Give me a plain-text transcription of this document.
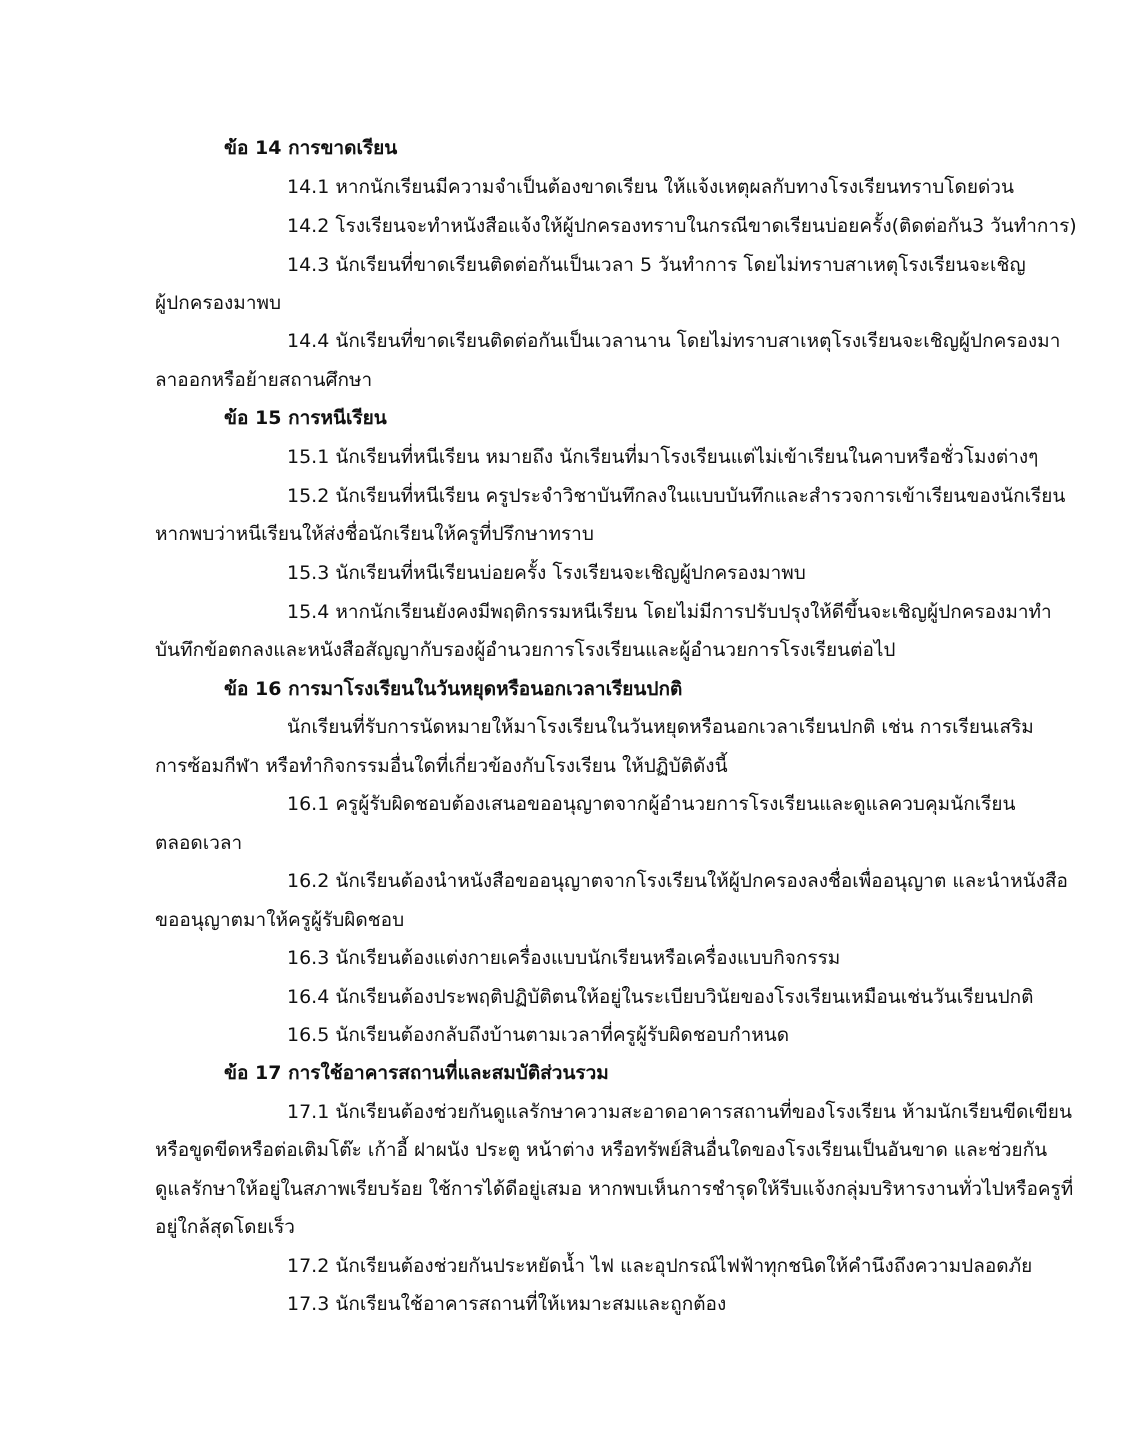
ข้อ 14 การขาดเรียน

14.1 หากนักเรียนมีความจำเป็นต้องขาดเรียน ให้แจ้งเหตุผลกับทางโรงเรียนทราบโดยด่วน

14.2 โรงเรียนจะทำหนังสือแจ้งให้ผู้ปกครองทราบในกรณีขาดเรียนบ่อยครั้ง(ติดต่อกัน3 วันทำการ)

14.3 นักเรียนที่ขาดเรียนติดต่อกันเป็นเวลา 5 วันทำการ โดยไม่ทราบสาเหตุโรงเรียนจะเชิญ

ผู้ปกครองมาพบ

14.4 นักเรียนที่ขาดเรียนติดต่อกันเป็นเวลานาน โดยไม่ทราบสาเหตุโรงเรียนจะเชิญผู้ปกครองมา

ลาออกหรือย้ายสถานศึกษา

ข้อ 15 การหนีเรียน

15.1 นักเรียนที่หนีเรียน หมายถึง นักเรียนที่มาโรงเรียนแต่ไม่เข้าเรียนในคาบหรือชั่วโมงต่างๆ

15.2 นักเรียนที่หนีเรียน ครูประจำวิชาบันทึกลงในแบบบันทึกและสำรวจการเข้าเรียนของนักเรียน

หากพบว่าหนีเรียนให้ส่งชื่อนักเรียนให้ครูที่ปรึกษาทราบ

15.3 นักเรียนที่หนีเรียนบ่อยครั้ง โรงเรียนจะเชิญผู้ปกครองมาพบ

15.4 หากนักเรียนยังคงมีพฤติกรรมหนีเรียน โดยไม่มีการปรับปรุงให้ดีขึ้นจะเชิญผู้ปกครองมาทำ

บันทึกข้อตกลงและหนังสือสัญญากับรองผู้อำนวยการโรงเรียนและผู้อำนวยการโรงเรียนต่อไป

ข้อ 16 การมาโรงเรียนในวันหยุดหรือนอกเวลาเรียนปกติ

นักเรียนที่รับการนัดหมายให้มาโรงเรียนในวันหยุดหรือนอกเวลาเรียนปกติ เช่น การเรียนเสริม

การซ้อมกีฬา หรือทำกิจกรรมอื่นใดที่เกี่ยวข้องกับโรงเรียน ให้ปฏิบัติดังนี้

16.1 ครูผู้รับผิดชอบต้องเสนอขออนุญาตจากผู้อำนวยการโรงเรียนและดูแลควบคุมนักเรียน

ตลอดเวลา

16.2 นักเรียนต้องนำหนังสือขออนุญาตจากโรงเรียนให้ผู้ปกครองลงชื่อเพื่ออนุญาต และนำหนังสือ

ขออนุญาตมาให้ครูผู้รับผิดชอบ

16.3 นักเรียนต้องแต่งกายเครื่องแบบนักเรียนหรือเครื่องแบบกิจกรรม

16.4 นักเรียนต้องประพฤติปฏิบัติตนให้อยู่ในระเบียบวินัยของโรงเรียนเหมือนเช่นวันเรียนปกติ

16.5 นักเรียนต้องกลับถึงบ้านตามเวลาที่ครูผู้รับผิดชอบกำหนด

ข้อ 17 การใช้อาคารสถานที่และสมบัติส่วนรวม

17.1 นักเรียนต้องช่วยกันดูแลรักษาความสะอาดอาคารสถานที่ของโรงเรียน ห้ามนักเรียนขีดเขียน

หรือขูดขีดหรือต่อเติมโต๊ะ เก้าอี้ ฝาผนัง ประตู หน้าต่าง หรือทรัพย์สินอื่นใดของโรงเรียนเป็นอันขาด และช่วยกัน

ดูแลรักษาให้อยู่ในสภาพเรียบร้อย ใช้การได้ดีอยู่เสมอ หากพบเห็นการชำรุดให้รีบแจ้งกลุ่มบริหารงานทั่วไปหรือครูที่

อยู่ใกล้สุดโดยเร็ว

17.2 นักเรียนต้องช่วยกันประหยัดน้ำ ไฟ และอุปกรณ์ไฟฟ้าทุกชนิดให้คำนึงถึงความปลอดภัย

17.3 นักเรียนใช้อาคารสถานที่ให้เหมาะสมและถูกต้อง
